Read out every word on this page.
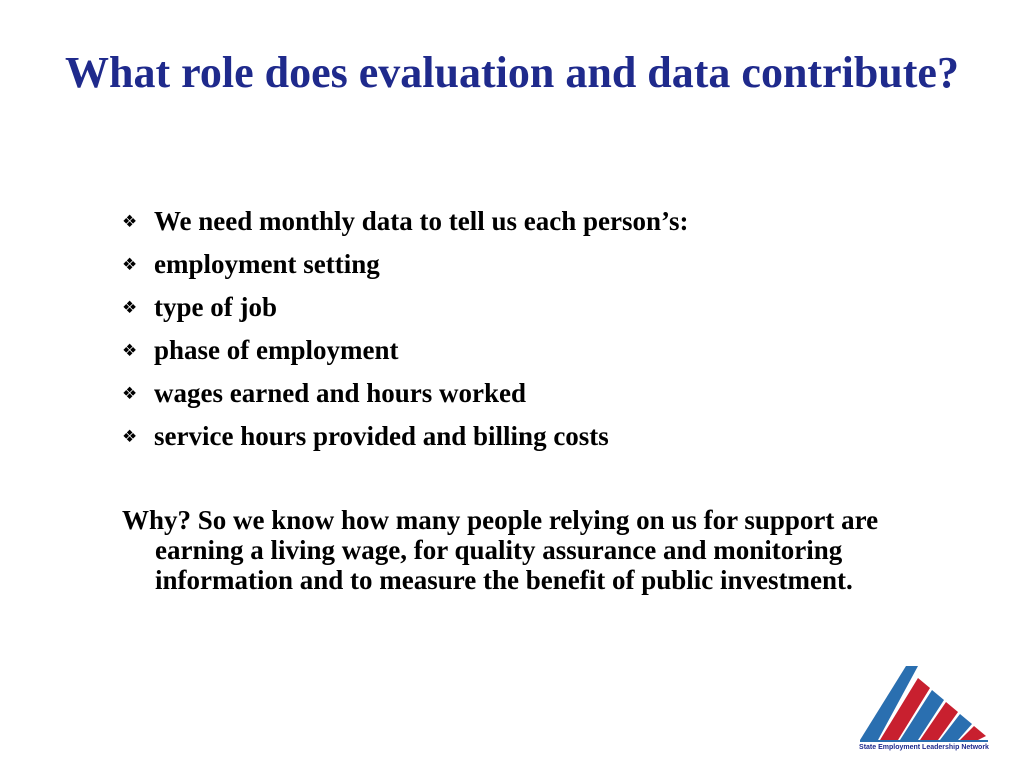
What role does evaluation and data contribute?
❖ We need monthly data to tell us each person’s:
❖ employment setting
❖ type of job
❖ phase of employment
❖ wages earned and hours worked
❖ service hours provided and billing costs

Why? So we know how many people relying on us for support are earning a living wage, for quality assurance and monitoring information and to measure the benefit of public investment.

State Employment Leadership Network
